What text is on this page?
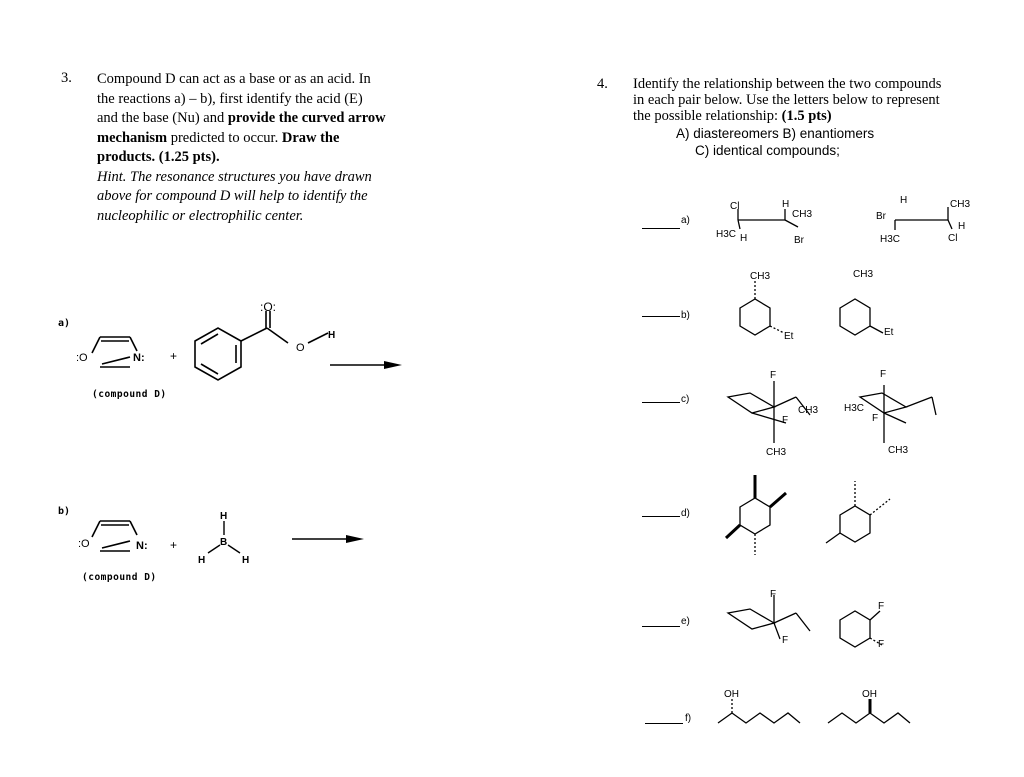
3. Compound D can act as a base or as an acid. In
the reactions a) – b), first identify the acid (E)
and the base (Nu) and provide the curved arrow
mechanism predicted to occur. Draw the
products. (1.25 pts).
Hint. The resonance structures you have drawn
above for compound D will help to identify the
nucleophilic or electrophilic center.
4. Identify the relationship between the two compounds
in each pair below. Use the letters below to represent
the possible relationship: (1.5 pts)
A) diastereomers B) enantiomers
C) identical compounds;
a)
:O	N: +
:O:
O
H
(compound D)
b)
:O	N: +
H
B
H	H
(compound D)
a)
b)
c)
d)
e)
f)
Cl
H3C H
H
CH3
Br
Br
H
H3C
CH3
H
Cl
CH3
Et
CH3
Et
F
F
CH3
CH3
F
F
H3C
CH3
F
F
F
F
OH	OH
